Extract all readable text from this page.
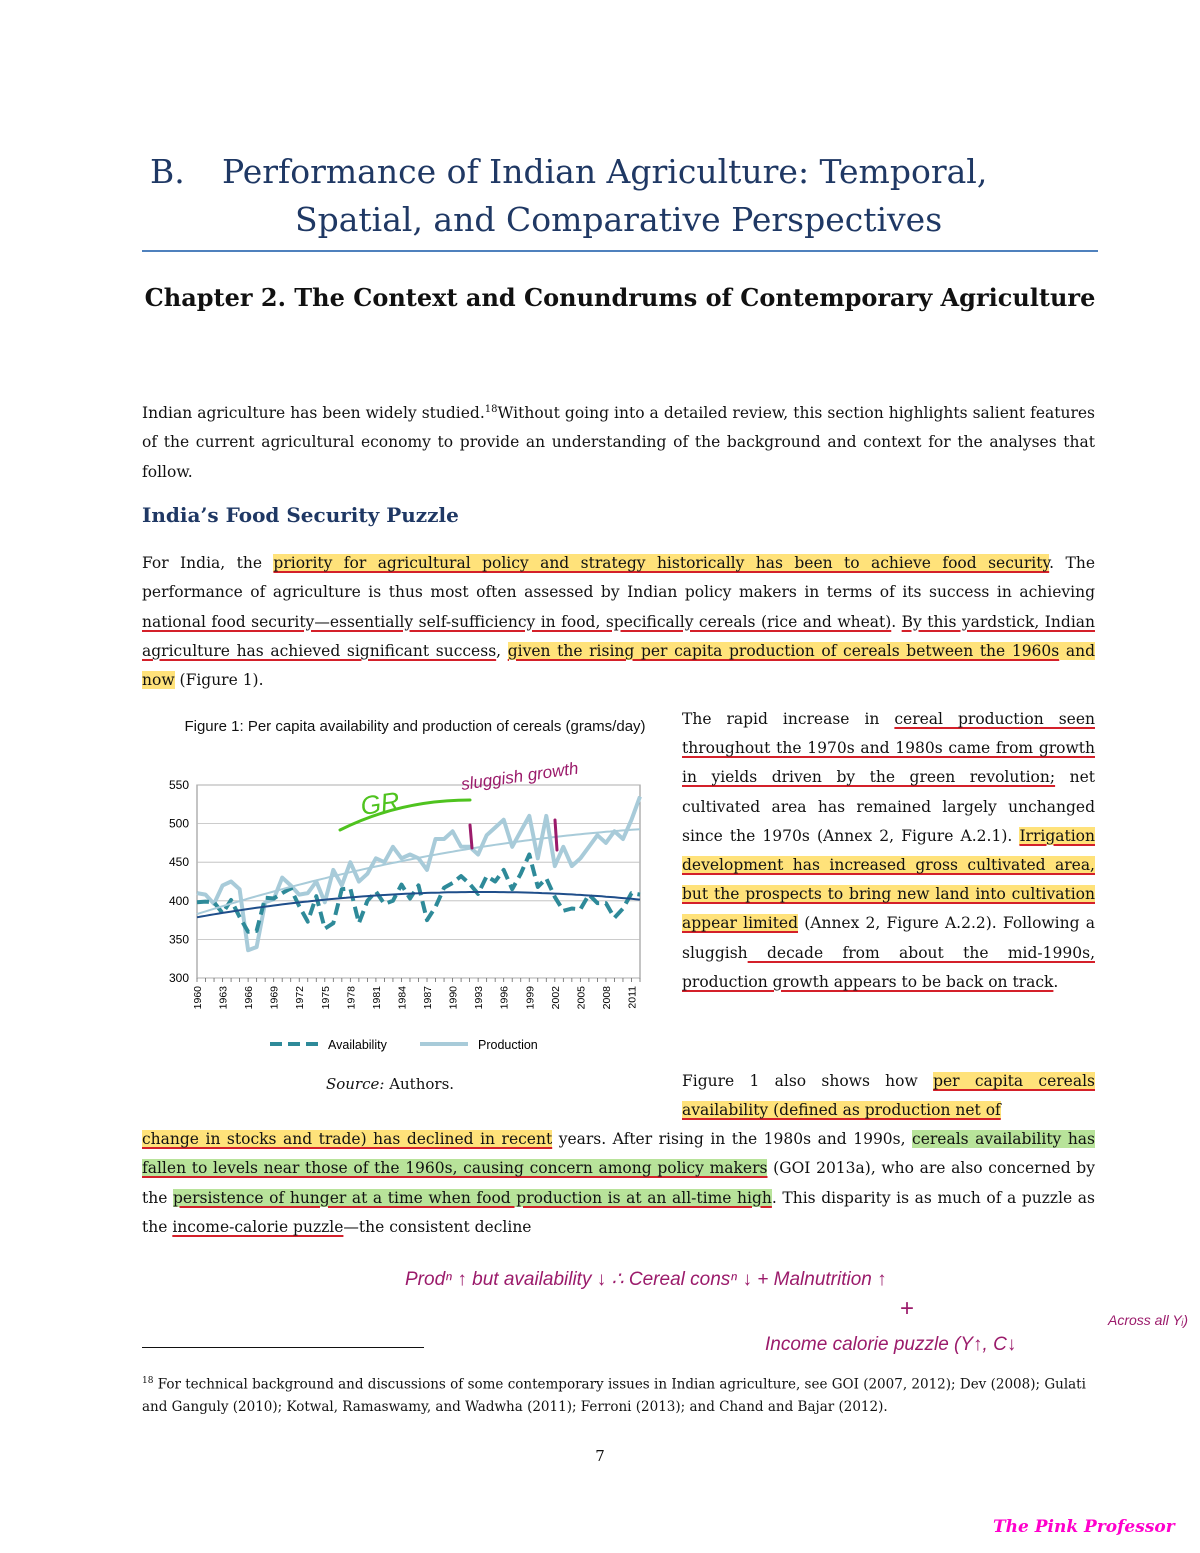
B. Performance of Indian Agriculture: Temporal,
Spatial, and Comparative Perspectives
Chapter 2. The Context and Conundrums of Contemporary Agriculture
Indian agriculture has been widely studied.$^{18}$Without going into a detailed review, this section highlights salient features of the current agricultural economy to provide an understanding of the background and context for the analyses that follow.
India’s Food Security Puzzle
For India, the priority for agricultural policy and strategy historically has been to achieve food security. The performance of agriculture is thus most often assessed by Indian policy makers in terms of its success in achieving national food security—essentially self-sufficiency in food, specifically cereals (rice and wheat). By this yardstick, Indian agriculture has achieved significant success, given the rising per capita production of cereals between the 1960s and now (Figure 1).
Figure 1: Per capita availability and production of cereals (grams/day)
300
350
400
450
500
550
1960 1963 1966 1969 1972 1975 1978 1981 1984 1987 1990 1993 1996 1999 2002 2005 2008 2011
Availability	Production
Source: Authors.
The rapid increase in cereal production seen throughout the 1970s and 1980s came from growth in yields driven by the green revolution; net cultivated area has remained largely unchanged since the 1970s (Annex 2, Figure A.2.1). Irrigation development has increased gross cultivated area, but the prospects to bring new land into cultivation appear limited (Annex 2, Figure A.2.2). Following a sluggish decade from about the mid-1990s, production growth appears to be back on track.
Figure 1 also shows how per capita cereals availability (defined as production net of
change in stocks and trade) has declined in recent years. After rising in the 1980s and 1990s, cereals availability has fallen to levels near those of the 1960s, causing concern among policy makers (GOI 2013a), who are also concerned by the persistence of hunger at a time when food production is at an all-time high. This disparity is as much of a puzzle as the income-calorie puzzle—the consistent decline
GR
sluggish growth
Prodⁿ ↑ but availability ↓ ∴ Cereal consⁿ ↓ + Malnutrition ↑
+
Income calorie puzzle (Y↑, C↓
Across all Yᵢ)
$^{18}$ For technical background and discussions of some contemporary issues in Indian agriculture, see GOI (2007, 2012); Dev (2008); Gulati and Ganguly (2010); Kotwal, Ramaswamy, and Wadwha (2011); Ferroni (2013); and Chand and Bajar (2012).
7
The Pink Professor
